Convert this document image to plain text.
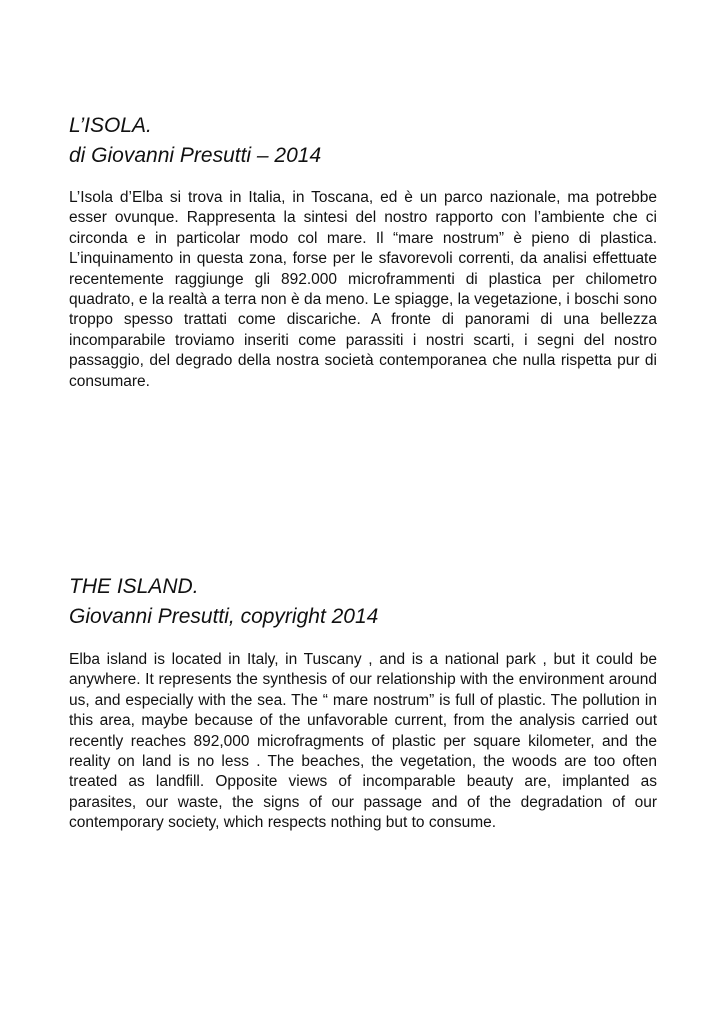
L’ISOLA.
di Giovanni Presutti – 2014

L’Isola d’Elba si trova in Italia, in Toscana, ed è un parco nazionale, ma potrebbe esser ovunque. Rappresenta la sintesi del nostro rapporto con l’ambiente che ci circonda e in particolar modo col mare. Il “mare nostrum” è pieno di plastica. L’inquinamento in questa zona, forse per le sfavorevoli correnti, da analisi effettuate recentemente raggiunge gli 892.000 microframmenti di plastica per chilometro quadrato, e la realtà a terra non è da meno. Le spiagge, la vegetazione, i boschi sono troppo spesso trattati come discariche. A fronte di panorami di una bellezza incomparabile troviamo inseriti come parassiti i nostri scarti, i segni del nostro passaggio, del degrado della nostra società contemporanea che nulla rispetta pur di consumare.

THE ISLAND.
Giovanni Presutti, copyright 2014

Elba island is located in Italy, in Tuscany , and is a national park , but it could be anywhere. It represents the synthesis of our relationship with the environment around us, and especially with the sea. The “ mare nostrum” is full of plastic. The pollution in this area, maybe because of the unfavorable current, from the analysis carried out recently reaches 892,000 microfragments of plastic per square kilometer, and the reality on land is no less . The beaches, the vegetation, the woods are too often treated as landfill. Opposite views of incomparable beauty are, implanted as parasites, our waste, the signs of our passage and of the degradation of our contemporary society, which respects nothing but to consume.
